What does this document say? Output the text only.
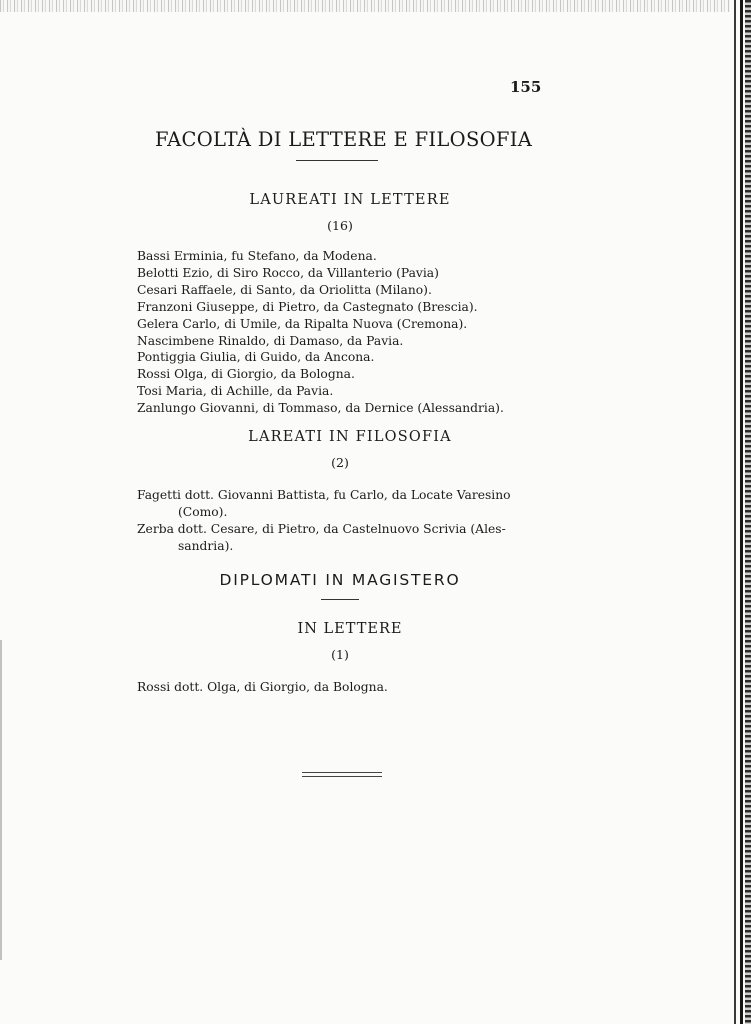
155
FACOLTÀ DI LETTERE E FILOSOFIA
LAUREATI IN LETTERE
(16)
Bassi Erminia, fu Stefano, da Modena.
Belotti Ezio, di Siro Rocco, da Villanterio (Pavia)
Cesari Raffaele, di Santo, da Oriolitta (Milano).
Franzoni Giuseppe, di Pietro, da Castegnato (Brescia).
Gelera Carlo, di Umile, da Ripalta Nuova (Cremona).
Nascimbene Rinaldo, di Damaso, da Pavia.
Pontiggia Giulia, di Guido, da Ancona.
Rossi Olga, di Giorgio, da Bologna.
Tosi Maria, di Achille, da Pavia.
Zanlungo Giovanni, di Tommaso, da Dernice (Alessandria).
LAREATI IN FILOSOFIA
(2)
Fagetti dott. Giovanni Battista, fu Carlo, da Locate Varesino
(Como).
Zerba dott. Cesare, di Pietro, da Castelnuovo Scrivia (Ales-
sandria).
DIPLOMATI IN MAGISTERO
IN LETTERE
(1)
Rossi dott. Olga, di Giorgio, da Bologna.
